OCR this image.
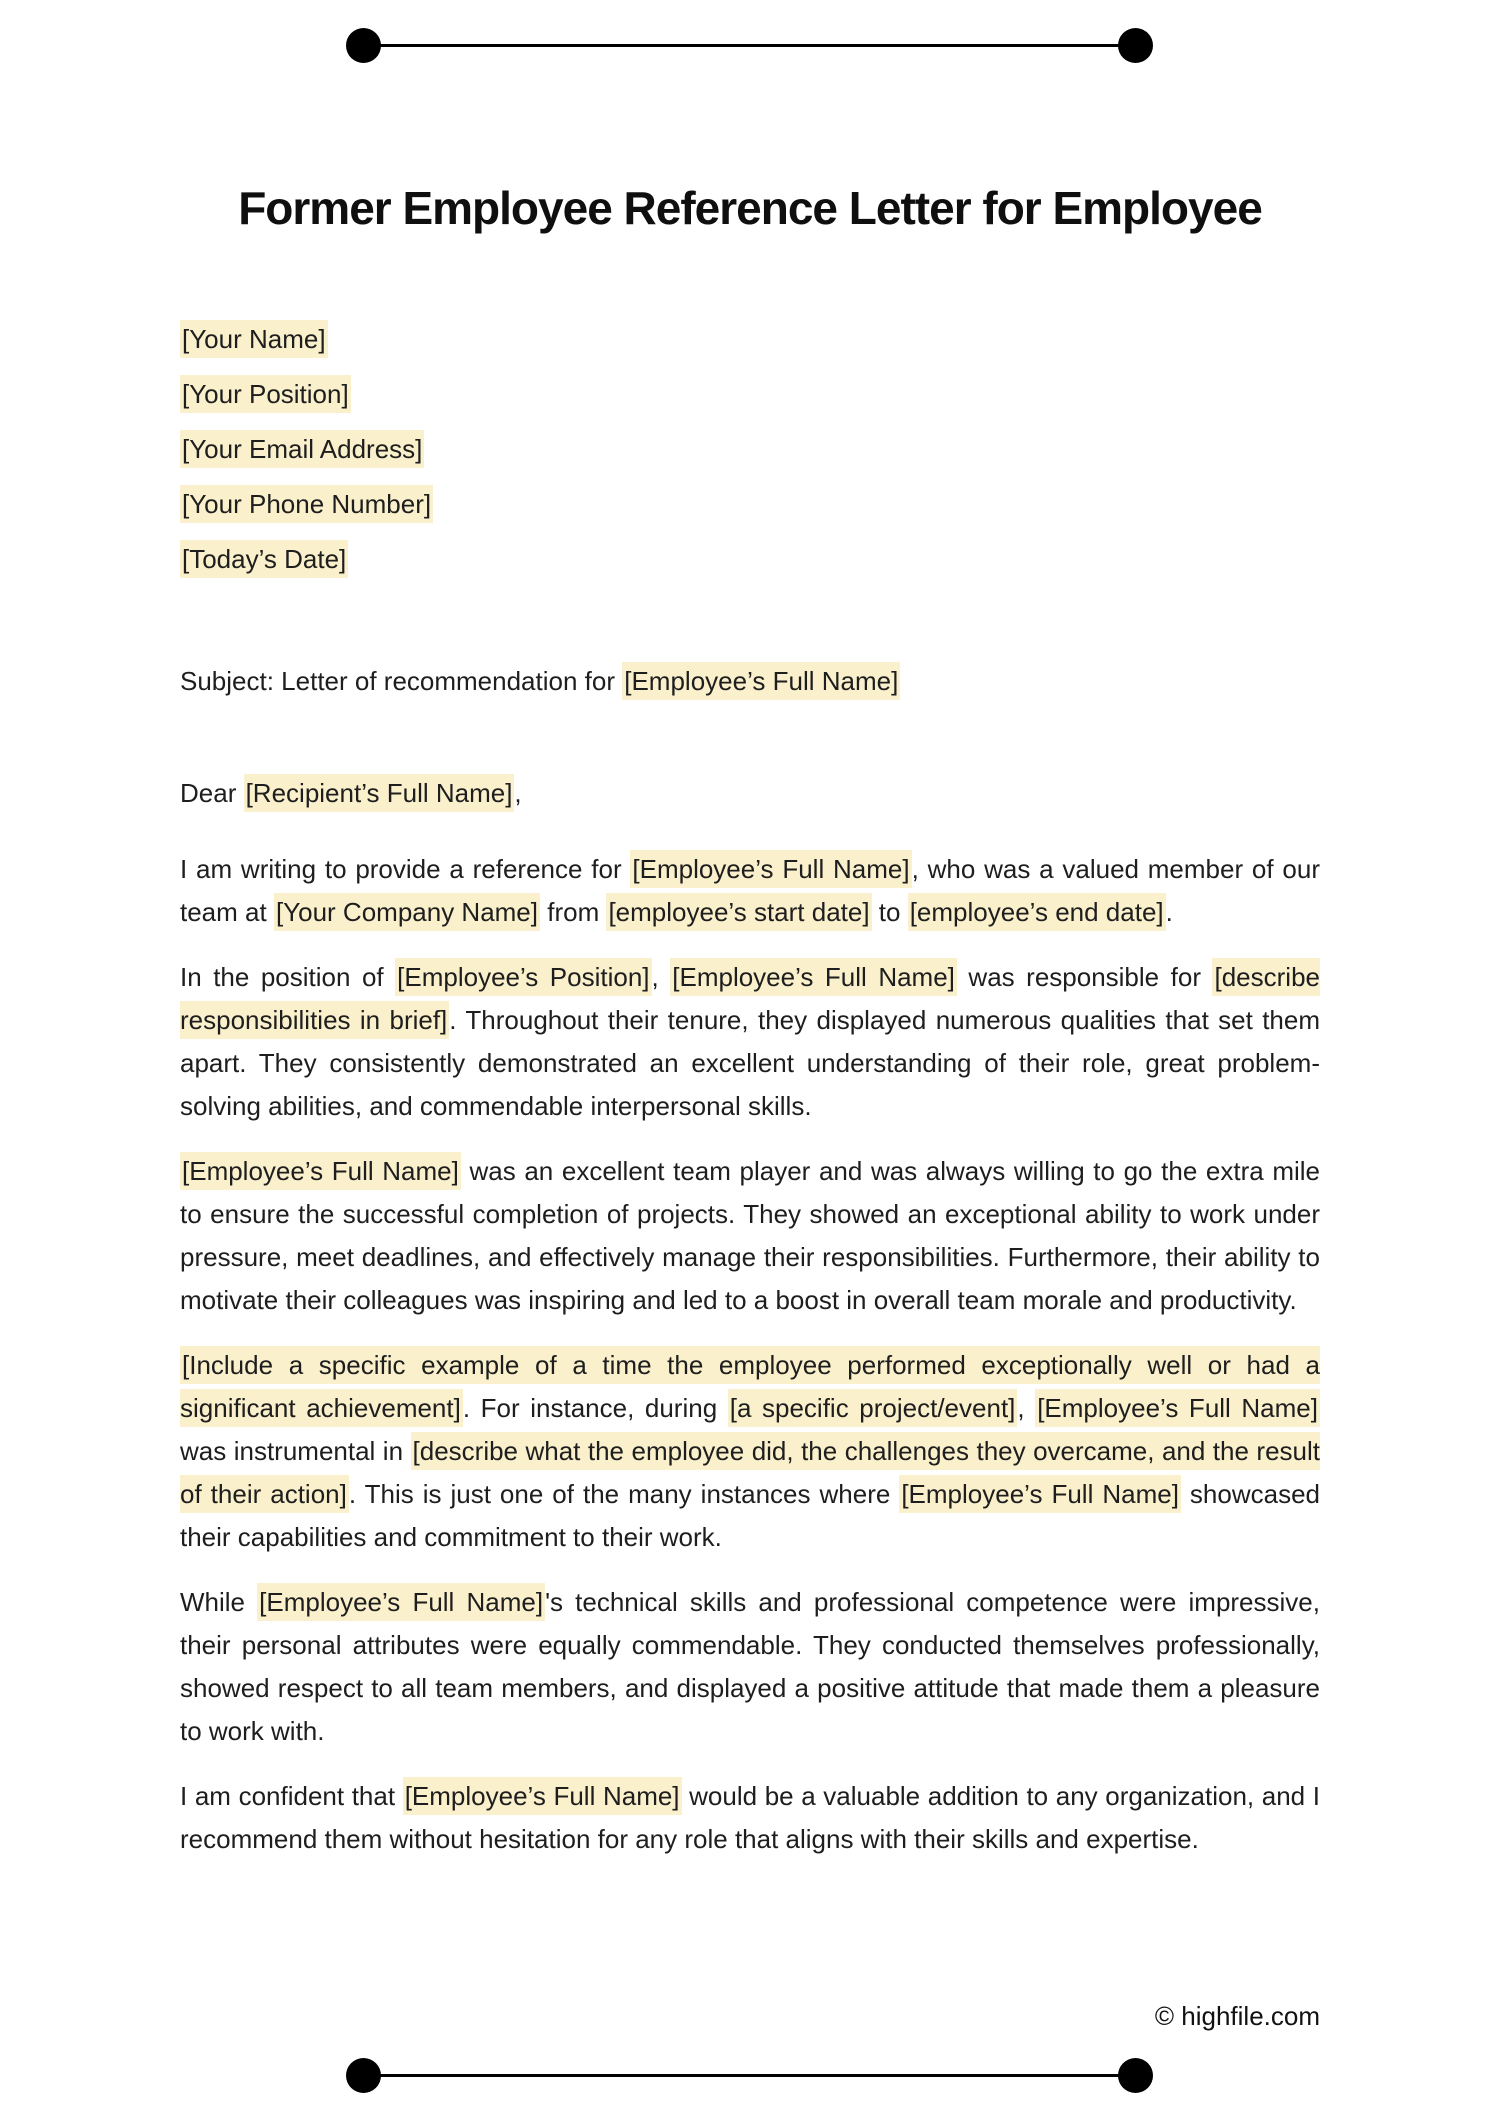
Former Employee Reference Letter for Employee
[Your Name]
[Your Position]
[Your Email Address]
[Your Phone Number]
[Today’s Date]

Subject: Letter of recommendation for [Employee’s Full Name]

Dear [Recipient’s Full Name],

I am writing to provide a reference for [Employee’s Full Name], who was a valued member of our team at [Your Company Name] from [employee’s start date] to [employee’s end date].

In the position of [Employee’s Position], [Employee’s Full Name] was responsible for [describe responsibilities in brief]. Throughout their tenure, they displayed numerous qualities that set them apart. They consistently demonstrated an excellent understanding of their role, great problem-solving abilities, and commendable interpersonal skills.

[Employee’s Full Name] was an excellent team player and was always willing to go the extra mile to ensure the successful completion of projects. They showed an exceptional ability to work under pressure, meet deadlines, and effectively manage their responsibilities. Furthermore, their ability to motivate their colleagues was inspiring and led to a boost in overall team morale and productivity.

[Include a specific example of a time the employee performed exceptionally well or had a significant achievement]. For instance, during [a specific project/event], [Employee’s Full Name] was instrumental in [describe what the employee did, the challenges they overcame, and the result of their action]. This is just one of the many instances where [Employee’s Full Name] showcased their capabilities and commitment to their work.

While [Employee’s Full Name]'s technical skills and professional competence were impressive, their personal attributes were equally commendable. They conducted themselves professionally, showed respect to all team members, and displayed a positive attitude that made them a pleasure to work with.

I am confident that [Employee’s Full Name] would be a valuable addition to any organization, and I recommend them without hesitation for any role that aligns with their skills and expertise.

© highfile.com
